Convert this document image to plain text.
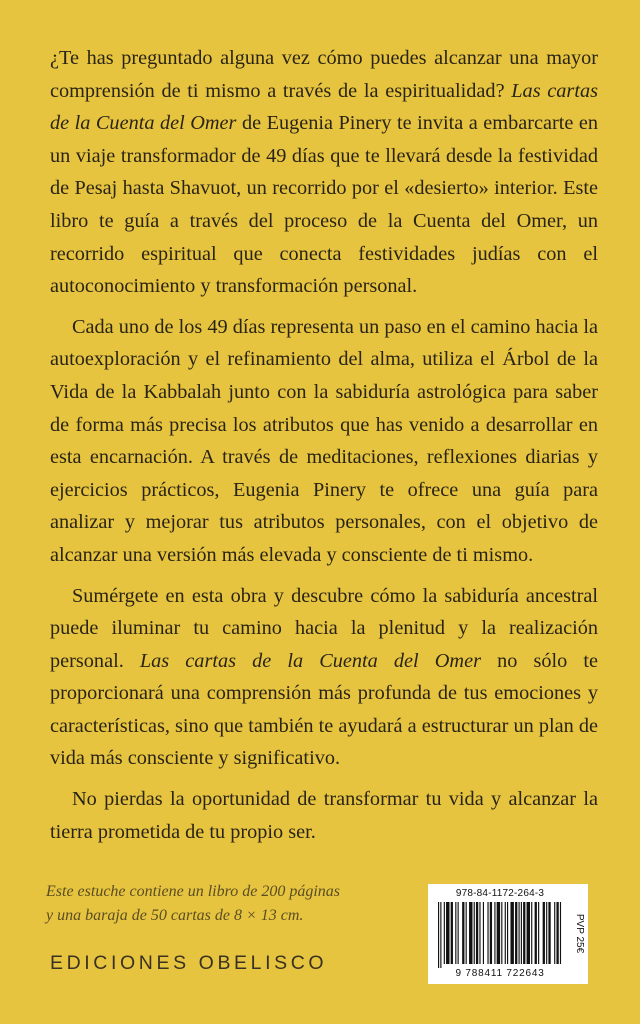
¿Te has preguntado alguna vez cómo puedes alcanzar una mayor comprensión de ti mismo a través de la espiritualidad? Las cartas de la Cuenta del Omer de Eugenia Pinery te invita a embarcarte en un viaje transformador de 49 días que te llevará desde la festividad de Pesaj hasta Shavuot, un recorrido por el «desierto» interior. Este libro te guía a través del proceso de la Cuenta del Omer, un recorrido espiritual que conecta festividades judías con el autoconocimiento y transformación personal.

Cada uno de los 49 días representa un paso en el camino hacia la autoexploración y el refinamiento del alma, utiliza el Árbol de la Vida de la Kabbalah junto con la sabiduría astrológica para saber de forma más precisa los atributos que has venido a desarrollar en esta encarnación. A través de meditaciones, reflexiones diarias y ejercicios prácticos, Eugenia Pinery te ofrece una guía para analizar y mejorar tus atributos personales, con el objetivo de alcanzar una versión más elevada y consciente de ti mismo.

Sumérgete en esta obra y descubre cómo la sabiduría ancestral puede iluminar tu camino hacia la plenitud y la realización personal. Las cartas de la Cuenta del Omer no sólo te proporcionará una comprensión más profunda de tus emociones y características, sino que también te ayudará a estructurar un plan de vida más consciente y significativo.

No pierdas la oportunidad de transformar tu vida y alcanzar la tierra prometida de tu propio ser.

Este estuche contiene un libro de 200 páginas
y una baraja de 50 cartas de 8 × 13 cm.
EDICIONES OBELISCO
978-84-1172-264-3
9 788411 722643
PVP 25€
